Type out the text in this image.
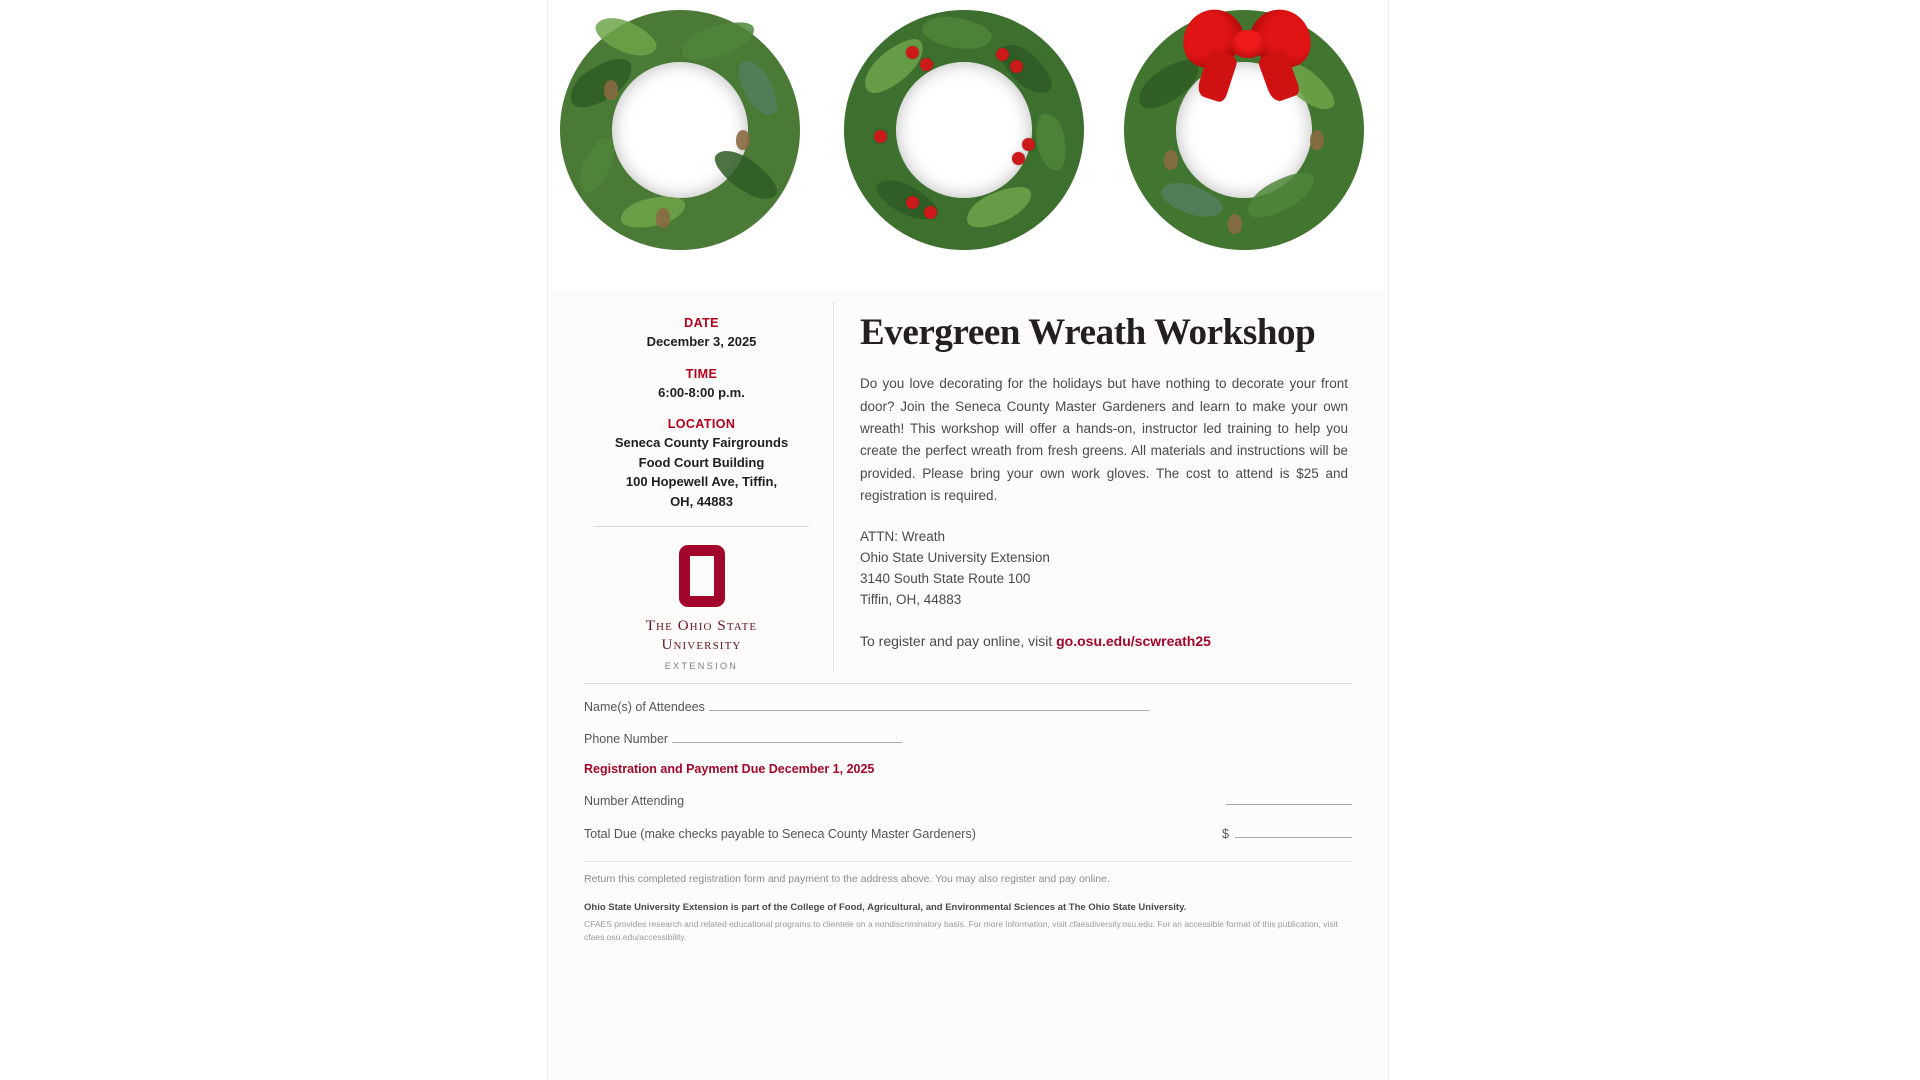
DATE
December 3, 2025
TIME
6:00-8:00 p.m.
LOCATION
Seneca County Fairgrounds
Food Court Building
100 Hopewell Ave, Tiffin,
OH, 44883
The Ohio State
University
EXTENSION
Evergreen Wreath Workshop

Do you love decorating for the holidays but have nothing to decorate your front door? Join the Seneca County Master Gardeners and learn to make your own wreath! This workshop will offer a hands-on, instructor led training to help you create the perfect wreath from fresh greens. All materials and instructions will be provided. Please bring your own work gloves. The cost to attend is $25 and registration is required.

ATTN: Wreath
Ohio State University Extension
3140 South State Route 100
Tiffin, OH, 44883
To register and pay online, visit go.osu.edu/scwreath25
Name(s) of Attendees
Phone Number
Registration and Payment Due December 1, 2025
Number Attending
Total Due (make checks payable to Seneca County Master Gardeners)	$
Return this completed registration form and payment to the address above. You may also register and pay online.
Ohio State University Extension is part of the College of Food, Agricultural, and Environmental Sciences at The Ohio State University.
CFAES provides research and related educational programs to clientele on a nondiscriminatory basis. For more information, visit cfaesdiversity.osu.edu. For an accessible format of this publication, visit cfaes.osu.edu/accessibility.
